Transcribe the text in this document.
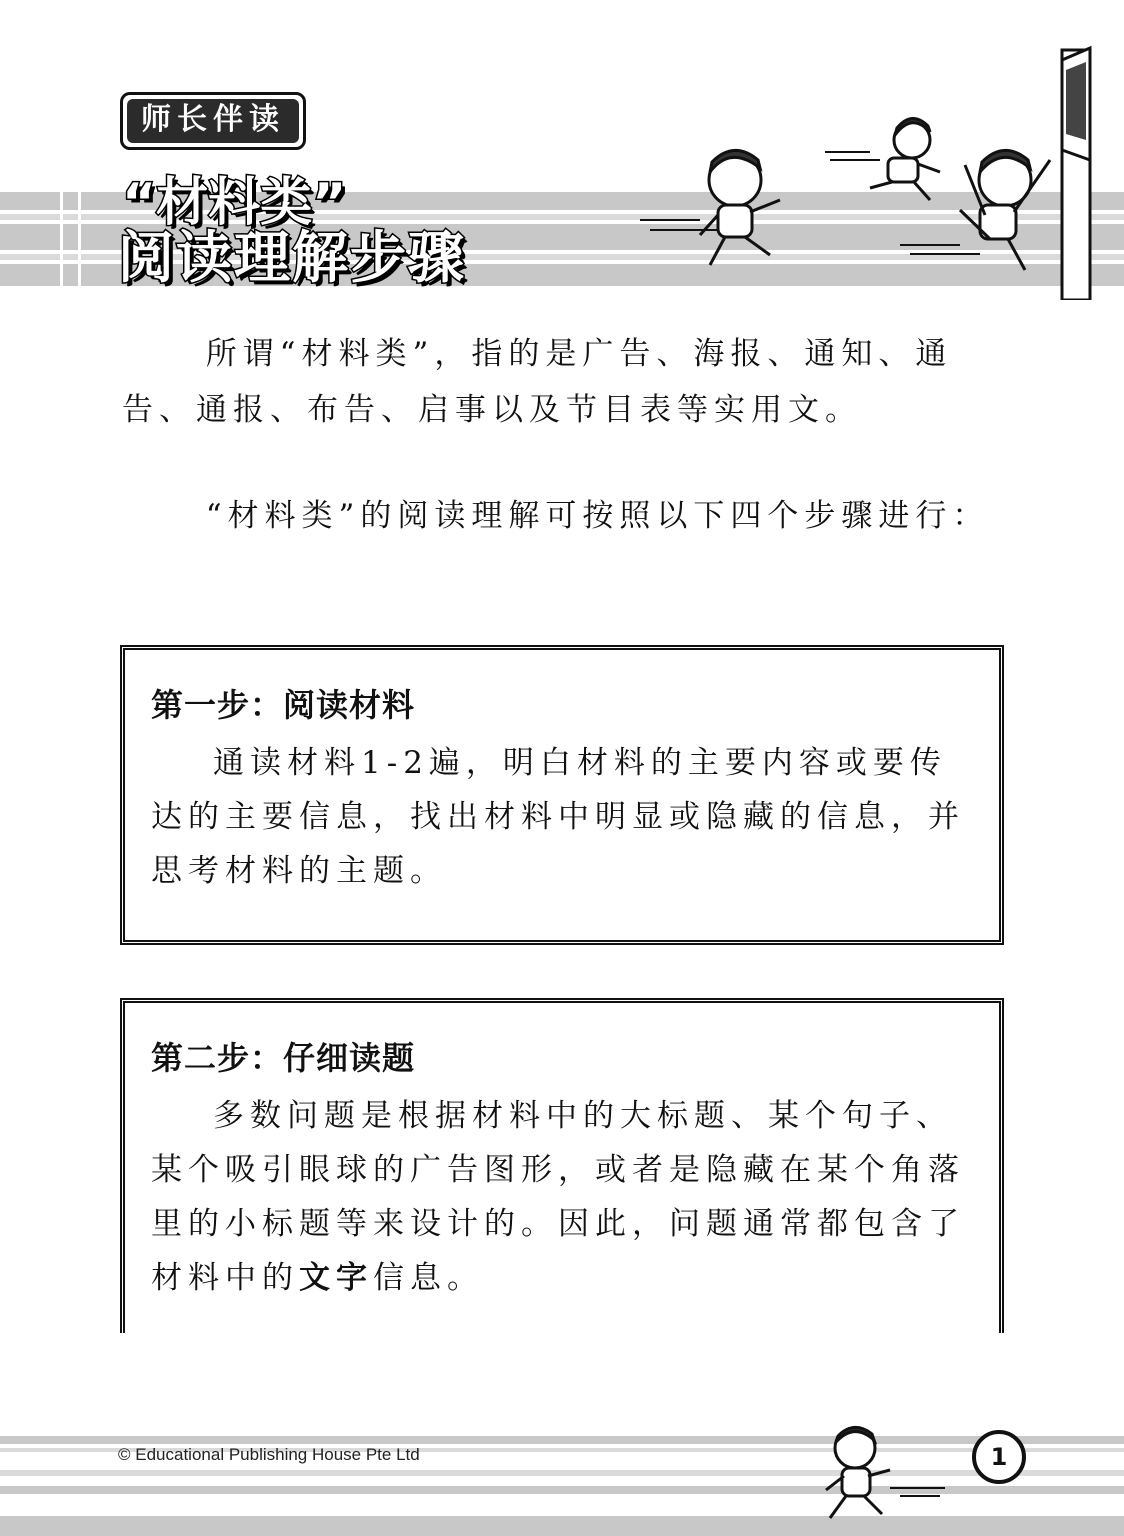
师长伴读
“材料类”
阅读理解步骤

所谓“材料类”，指的是广告、海报、通知、通告、通报、布告、启事以及节目表等实用文。

“材料类”的阅读理解可按照以下四个步骤进行：

第一步：阅读材料

通读材料1-2遍，明白材料的主要内容或要传达的主要信息，找出材料中明显或隐藏的信息，并思考材料的主题。

第二步：仔细读题

多数问题是根据材料中的大标题、某个句子、某个吸引眼球的广告图形，或者是隐藏在某个角落里的小标题等来设计的。因此，问题通常都包含了材料中的文字信息。

© Educational Publishing House Pte Ltd	1
